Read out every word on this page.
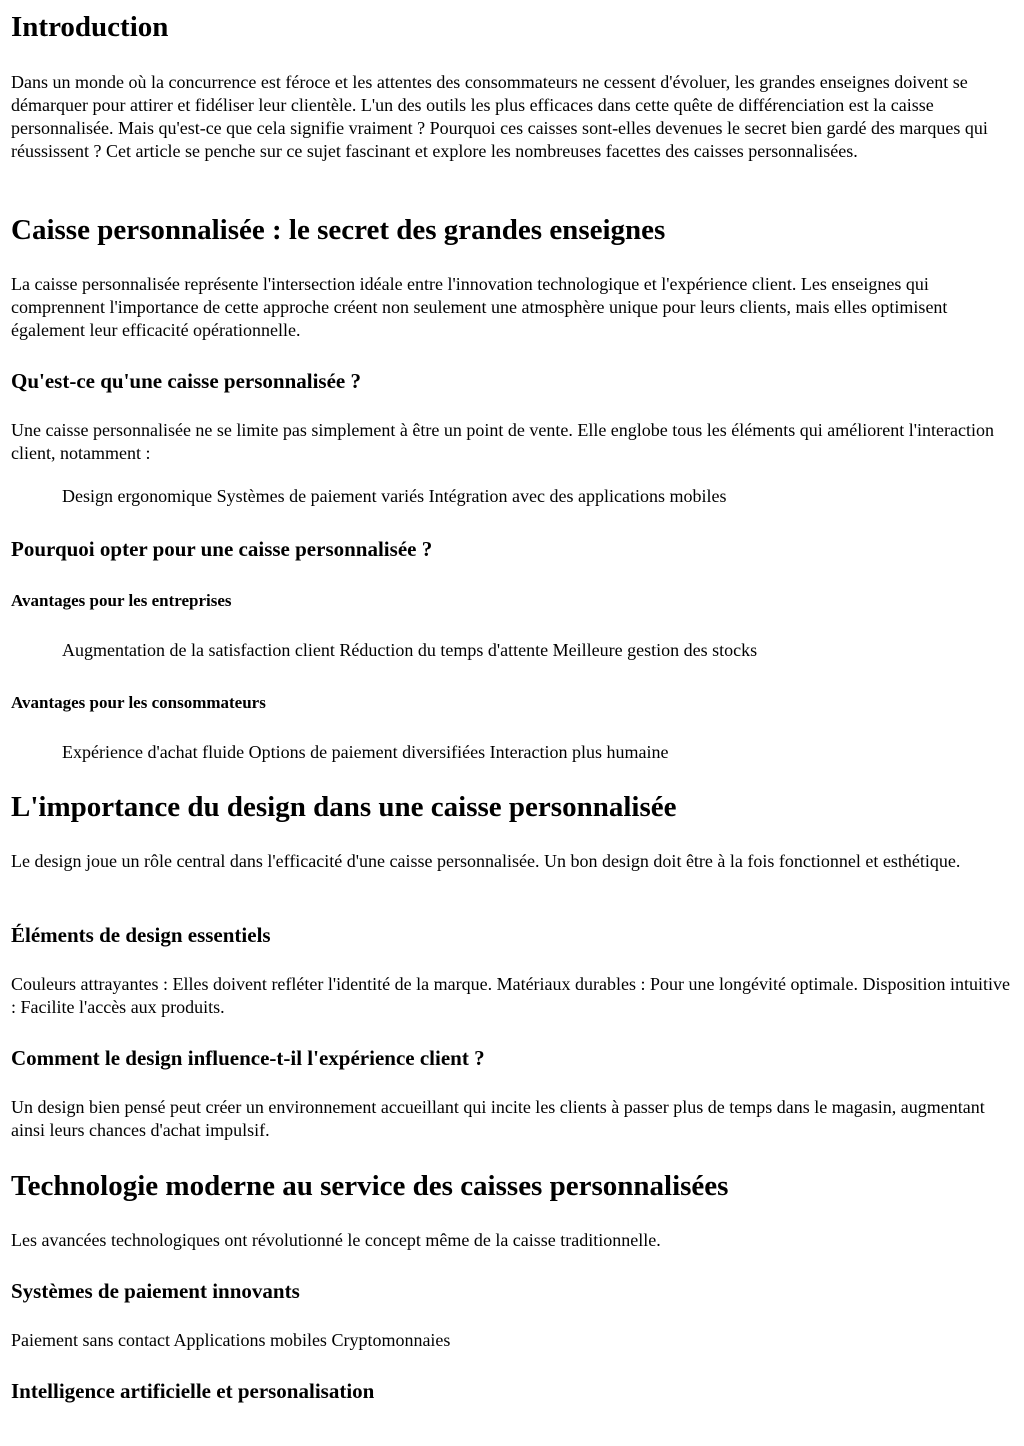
Introduction

Dans un monde où la concurrence est féroce et les attentes des consommateurs ne cessent d'évoluer, les grandes enseignes doivent se démarquer pour attirer et fidéliser leur clientèle. L'un des outils les plus efficaces dans cette quête de différenciation est la caisse personnalisée. Mais qu'est-ce que cela signifie vraiment ? Pourquoi ces caisses sont-elles devenues le secret bien gardé des marques qui réussissent ? Cet article se penche sur ce sujet fascinant et explore les nombreuses facettes des caisses personnalisées.

Caisse personnalisée : le secret des grandes enseignes

La caisse personnalisée représente l'intersection idéale entre l'innovation technologique et l'expérience client. Les enseignes qui comprennent l'importance de cette approche créent non seulement une atmosphère unique pour leurs clients, mais elles optimisent également leur efficacité opérationnelle.

Qu'est-ce qu'une caisse personnalisée ?

Une caisse personnalisée ne se limite pas simplement à être un point de vente. Elle englobe tous les éléments qui améliorent l'interaction client, notamment :

Design ergonomique Systèmes de paiement variés Intégration avec des applications mobiles
Pourquoi opter pour une caisse personnalisée ?
Avantages pour les entreprises
Augmentation de la satisfaction client Réduction du temps d'attente Meilleure gestion des stocks
Avantages pour les consommateurs
Expérience d'achat fluide Options de paiement diversifiées Interaction plus humaine
L'importance du design dans une caisse personnalisée

Le design joue un rôle central dans l'efficacité d'une caisse personnalisée. Un bon design doit être à la fois fonctionnel et esthétique.

Éléments de design essentiels

Couleurs attrayantes : Elles doivent refléter l'identité de la marque. Matériaux durables : Pour une longévité optimale. Disposition intuitive : Facilite l'accès aux produits.

Comment le design influence-t-il l'expérience client ?

Un design bien pensé peut créer un environnement accueillant qui incite les clients à passer plus de temps dans le magasin, augmentant ainsi leurs chances d'achat impulsif.

Technologie moderne au service des caisses personnalisées

Les avancées technologiques ont révolutionné le concept même de la caisse traditionnelle.

Systèmes de paiement innovants

Paiement sans contact Applications mobiles Cryptomonnaies

Intelligence artificielle et personalisation
